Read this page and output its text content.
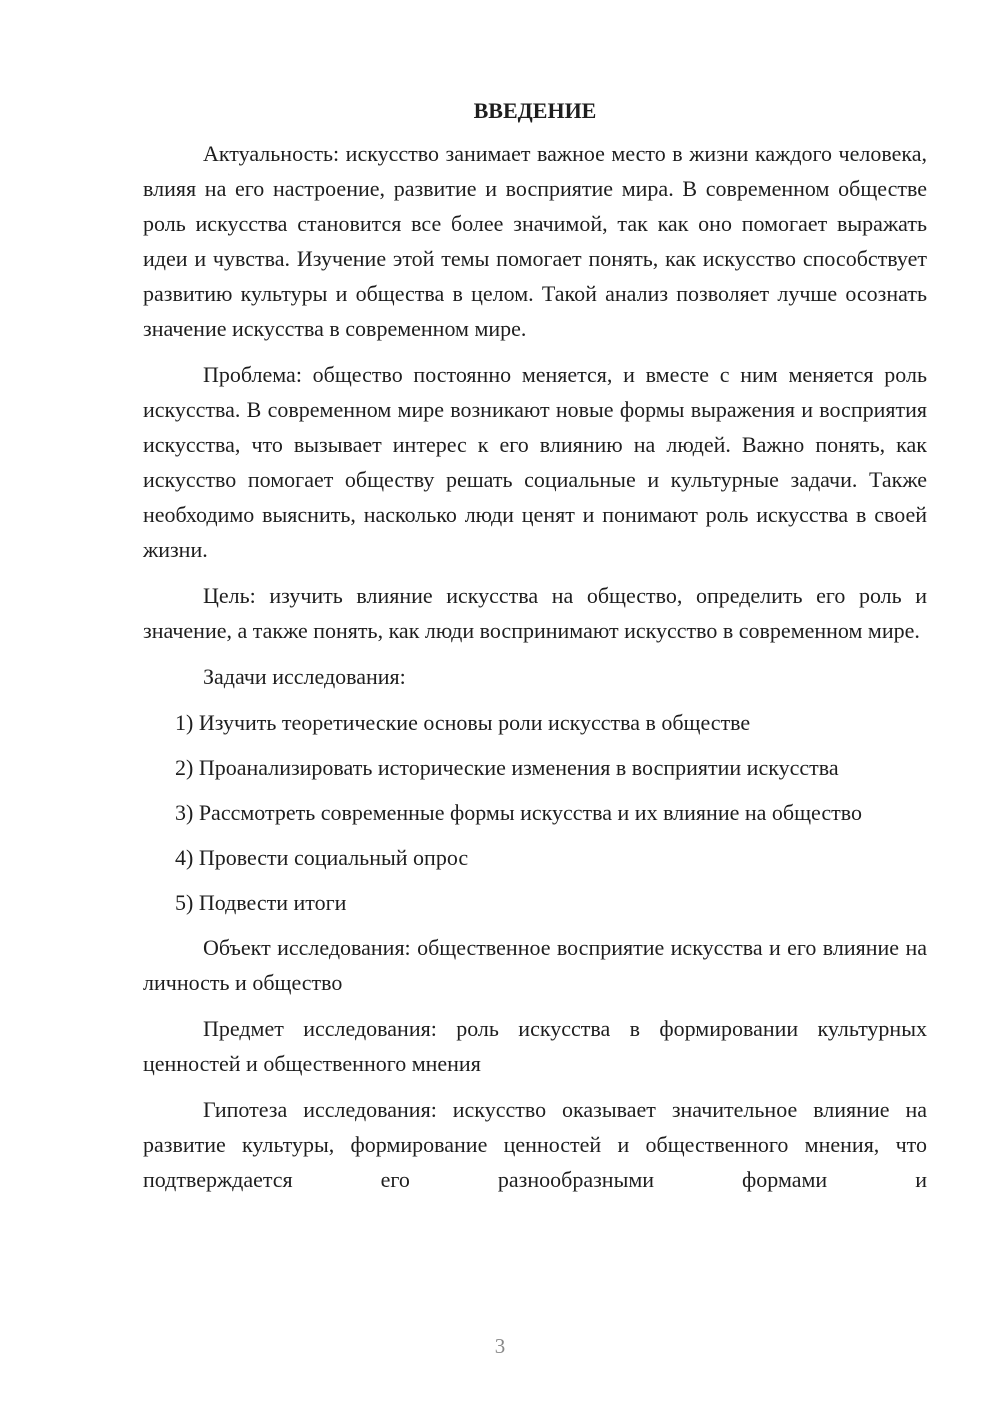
ВВЕДЕНИЕ

Актуальность: искусство занимает важное место в жизни каждого человека, влияя на его настроение, развитие и восприятие мира. В современном обществе роль искусства становится все более значимой, так как оно помогает выражать идеи и чувства. Изучение этой темы помогает понять, как искусство способствует развитию культуры и общества в целом. Такой анализ позволяет лучше осознать значение искусства в современном мире.

Проблема: общество постоянно меняется, и вместе с ним меняется роль искусства. В современном мире возникают новые формы выражения и восприятия искусства, что вызывает интерес к его влиянию на людей. Важно понять, как искусство помогает обществу решать социальные и культурные задачи. Также необходимо выяснить, насколько люди ценят и понимают роль искусства в своей жизни.

Цель: изучить влияние искусства на общество, определить его роль и значение, а также понять, как люди воспринимают искусство в современном мире.

Задачи исследования:

1) Изучить теоретические основы роли искусства в обществе

2) Проанализировать исторические изменения в восприятии искусства

3) Рассмотреть современные формы искусства и их влияние на общество

4) Провести социальный опрос

5) Подвести итоги

Объект исследования: общественное восприятие искусства и его влияние на личность и общество

Предмет исследования: роль искусства в формировании культурных ценностей и общественного мнения

Гипотеза исследования: искусство оказывает значительное влияние на развитие культуры, формирование ценностей и общественного мнения, что подтверждается его разнообразными формами и

3
